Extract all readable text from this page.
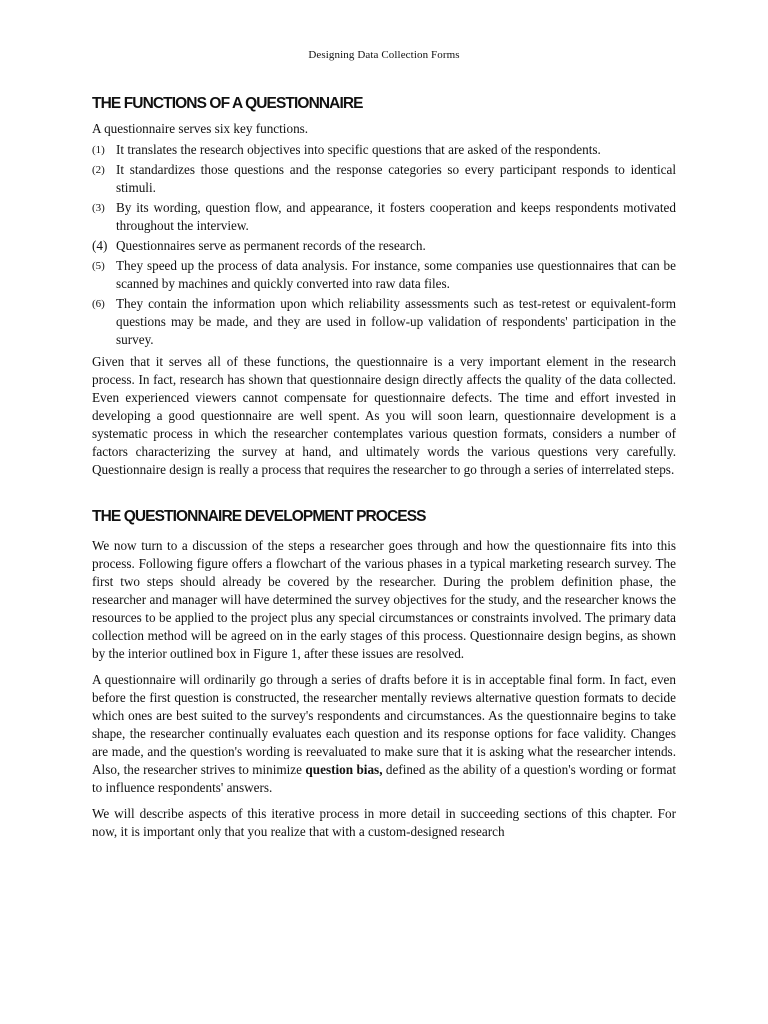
Designing Data Collection Forms
THE FUNCTIONS OF A QUESTIONNAIRE

A questionnaire serves six key functions.

(1) It translates the research objectives into specific questions that are asked of the respondents.
(2) It standardizes those questions and the response categories so every participant responds to identical stimuli.
(3) By its wording, question flow, and appearance, it fosters cooperation and keeps respondents motivated throughout the interview.
(4) Questionnaires serve as permanent records of the research.
(5) They speed up the process of data analysis. For instance, some companies use questionnaires that can be scanned by machines and quickly converted into raw data files.
(6) They contain the information upon which reliability assessments such as test-retest or equivalent-form questions may be made, and they are used in follow-up validation of respondents' participation in the survey.

Given that it serves all of these functions, the questionnaire is a very important element in the research process. In fact, research has shown that questionnaire design directly affects the quality of the data collected. Even experienced viewers cannot compensate for questionnaire defects. The time and effort invested in developing a good questionnaire are well spent. As you will soon learn, questionnaire development is a systematic process in which the researcher contemplates various question formats, considers a number of factors characterizing the survey at hand, and ultimately words the various questions very carefully. Questionnaire design is really a process that requires the researcher to go through a series of interrelated steps.

THE QUESTIONNAIRE DEVELOPMENT PROCESS

We now turn to a discussion of the steps a researcher goes through and how the questionnaire fits into this process. Following figure offers a flowchart of the various phases in a typical marketing research survey. The first two steps should already be covered by the researcher. During the problem definition phase, the researcher and manager will have determined the survey objectives for the study, and the researcher knows the resources to be applied to the project plus any special circumstances or constraints involved. The primary data collection method will be agreed on in the early stages of this process. Questionnaire design begins, as shown by the interior outlined box in Figure 1, after these issues are resolved.

A questionnaire will ordinarily go through a series of drafts before it is in acceptable final form. In fact, even before the first question is constructed, the researcher mentally reviews alternative question formats to decide which ones are best suited to the survey's respondents and circumstances. As the questionnaire begins to take shape, the researcher continually evaluates each question and its response options for face validity. Changes are made, and the question's wording is reevaluated to make sure that it is asking what the researcher intends. Also, the researcher strives to minimize question bias, defined as the ability of a question's wording or format to influence respondents' answers.

We will describe aspects of this iterative process in more detail in succeeding sections of this chapter. For now, it is important only that you realize that with a custom-designed research
